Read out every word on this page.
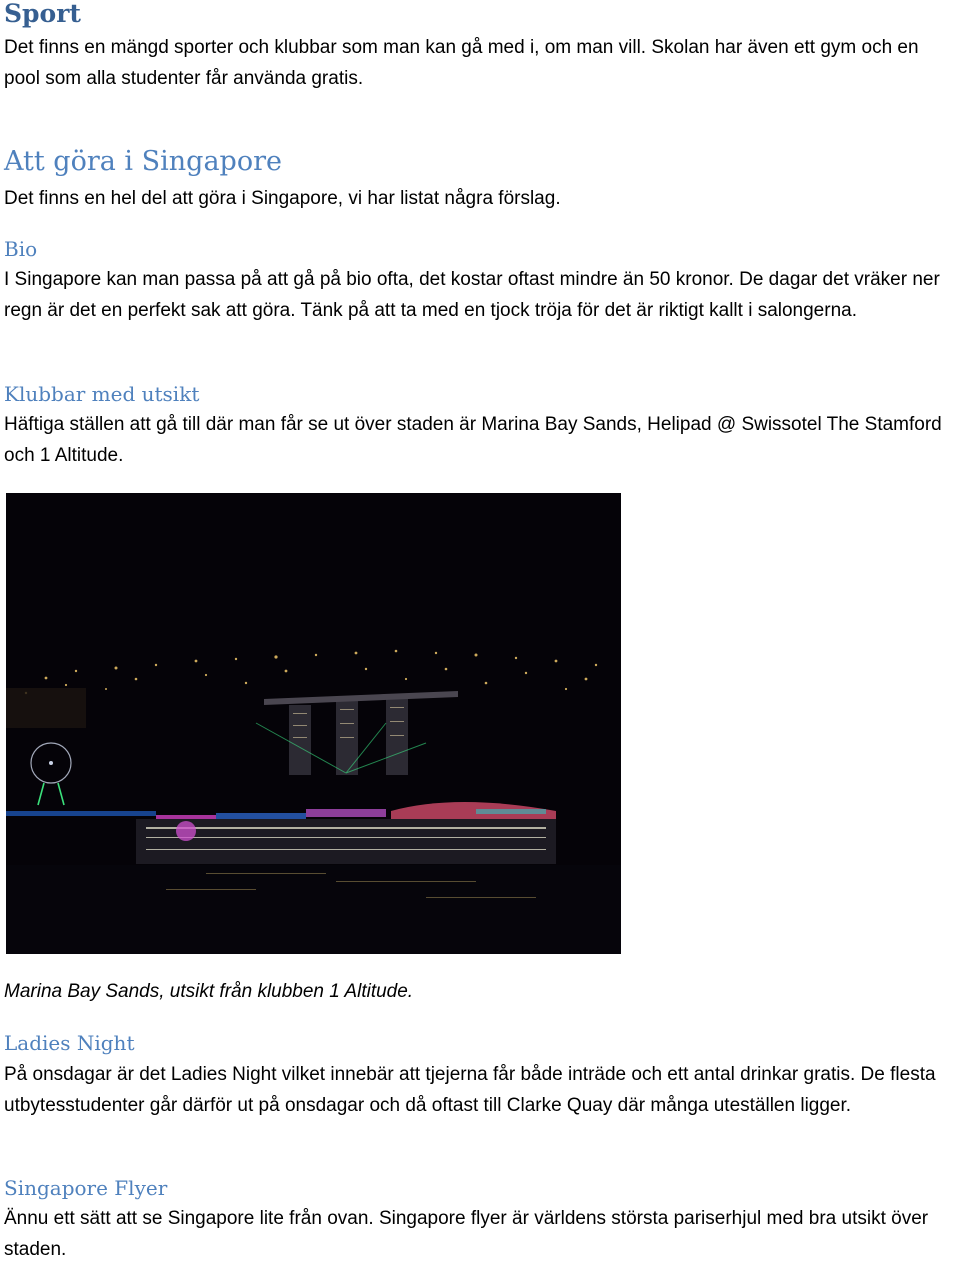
Sport
Det finns en mängd sporter och klubbar som man kan gå med i, om man vill. Skolan har även ett gym och en pool som alla studenter får använda gratis.
Att göra i Singapore
Det finns en hel del att göra i Singapore, vi har listat några förslag.
Bio
I Singapore kan man passa på att gå på bio ofta, det kostar oftast mindre än 50 kronor. De dagar det vräker ner regn är det en perfekt sak att göra. Tänk på att ta med en tjock tröja för det är riktigt kallt i salongerna.
Klubbar med utsikt
Häftiga ställen att gå till där man får se ut över staden är Marina Bay Sands, Helipad @ Swissotel The Stamford och 1 Altitude.
Marina Bay Sands, utsikt från klubben 1 Altitude.
Ladies Night
På onsdagar är det Ladies Night vilket innebär att tjejerna får både inträde och ett antal drinkar gratis. De flesta utbytesstudenter går därför ut på onsdagar och då oftast till Clarke Quay där många uteställen ligger.
Singapore Flyer
Ännu ett sätt att se Singapore lite från ovan. Singapore flyer är världens största pariserhjul med bra utsikt över staden.
